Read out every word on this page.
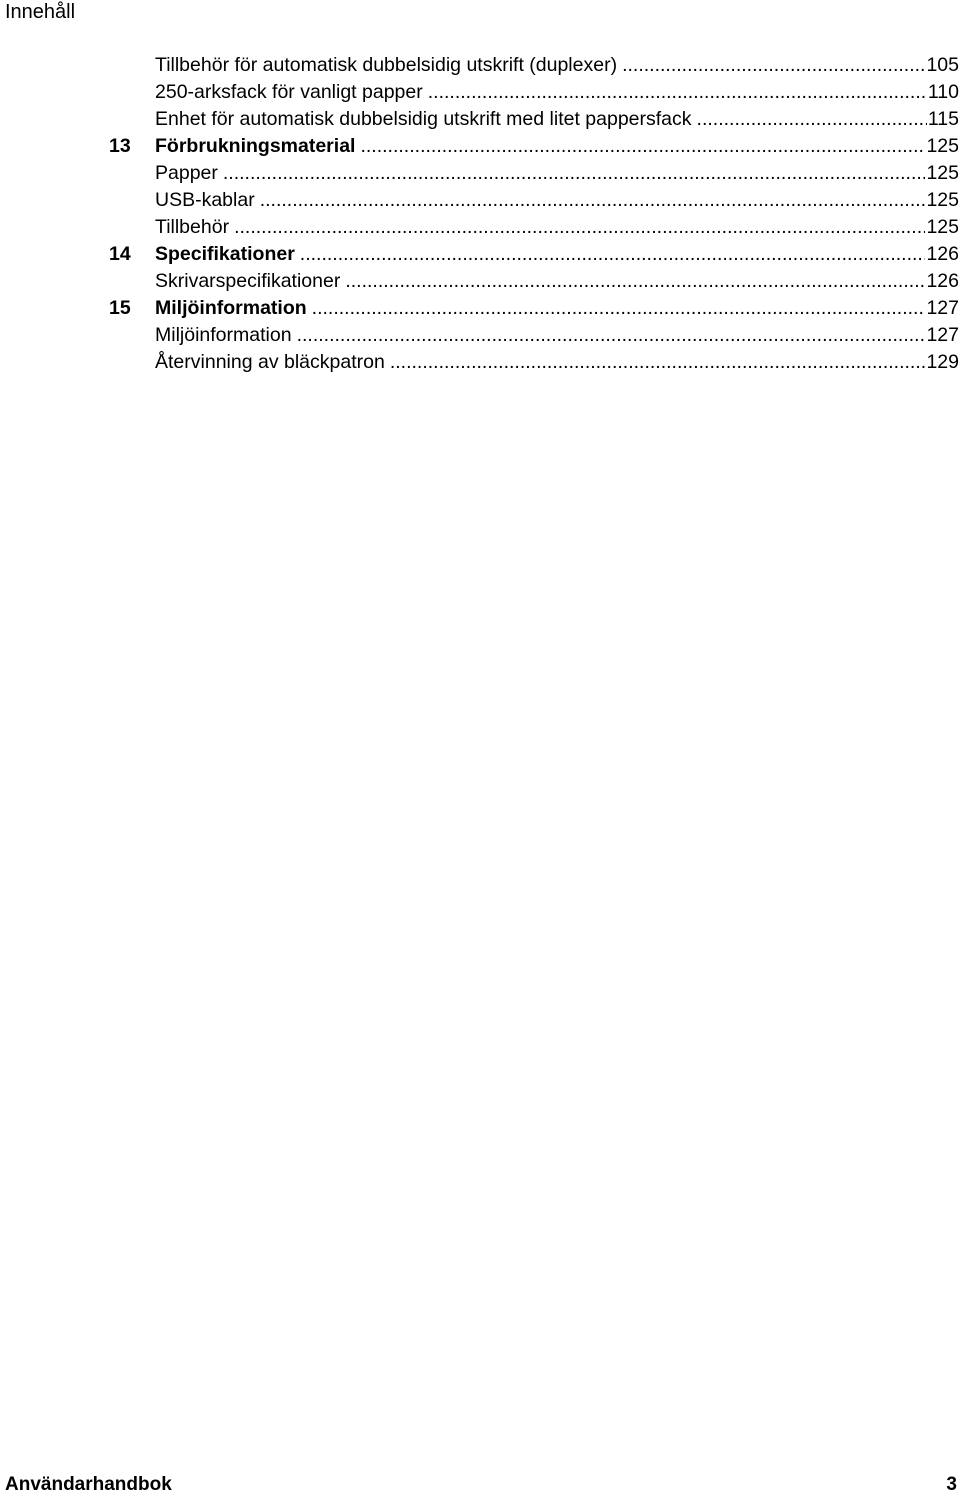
Innehåll
Tillbehör för automatisk dubbelsidig utskrift (duplexer) .....	105
250-arksfack för vanligt papper .....	110
Enhet för automatisk dubbelsidig utskrift med litet pappersfack .....	115
13 Förbrukningsmaterial .....	125
Papper .....	125
USB-kablar .....	125
Tillbehör .....	125
14 Specifikationer .....	126
Skrivarspecifikationer .....	126
15 Miljöinformation .....	127
Miljöinformation .....	127
Återvinning av bläckpatron .....	129
Användarhandbok	3
